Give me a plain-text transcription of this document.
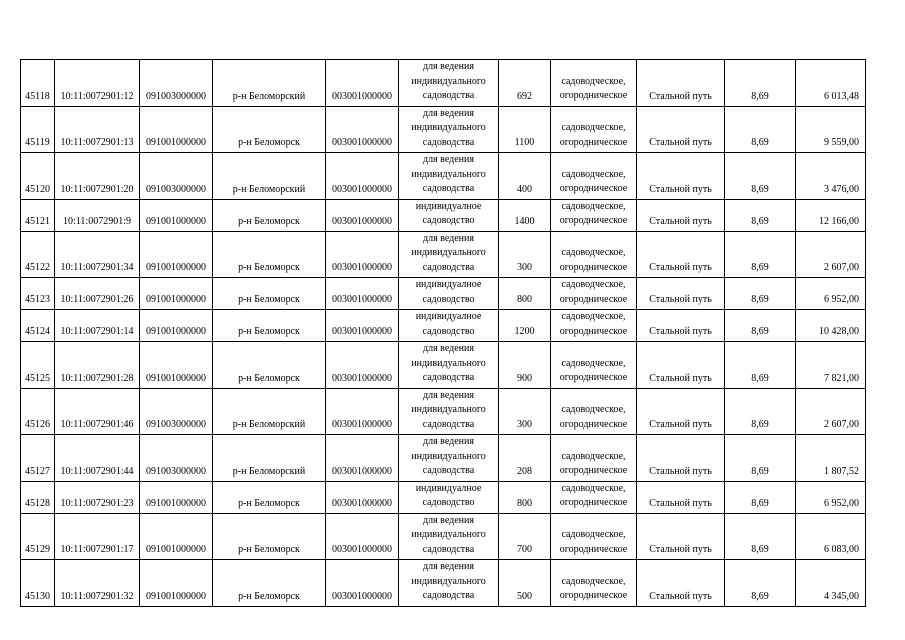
45118	10:11:0072901:12	091003000000	р-н Беломорский	003001000000	для ведения
индивидуального
садоводства	692	садоводческое,
огородническое	Стальной путь	8,69	6 013,48
45119	10:11:0072901:13	091001000000	р-н Беломорск	003001000000	для ведения
индивидуального
садоводства	1100	садоводческое,
огородническое	Стальной путь	8,69	9 559,00
45120	10:11:0072901:20	091003000000	р-н Беломорский	003001000000	для ведения
индивидуального
садоводства	400	садоводческое,
огородническое	Стальной путь	8,69	3 476,00
45121	10:11:0072901:9	091001000000	р-н Беломорск	003001000000	индивидуалное
садоводство	1400	садоводческое,
огородническое	Стальной путь	8,69	12 166,00
45122	10:11:0072901:34	091001000000	р-н Беломорск	003001000000	для ведения
индивидуального
садоводства	300	садоводческое,
огородническое	Стальной путь	8,69	2 607,00
45123	10:11:0072901:26	091001000000	р-н Беломорск	003001000000	индивидуалное
садоводство	800	садоводческое,
огородническое	Стальной путь	8,69	6 952,00
45124	10:11:0072901:14	091001000000	р-н Беломорск	003001000000	индивидуалное
садоводство	1200	садоводческое,
огородническое	Стальной путь	8,69	10 428,00
45125	10:11:0072901:28	091001000000	р-н Беломорск	003001000000	для ведения
индивидуального
садоводства	900	садоводческое,
огородническое	Стальной путь	8,69	7 821,00
45126	10:11:0072901:46	091003000000	р-н Беломорский	003001000000	для ведения
индивидуального
садоводства	300	садоводческое,
огородническое	Стальной путь	8,69	2 607,00
45127	10:11:0072901:44	091003000000	р-н Беломорский	003001000000	для ведения
индивидуального
садоводства	208	садоводческое,
огородническое	Стальной путь	8,69	1 807,52
45128	10:11:0072901:23	091001000000	р-н Беломорск	003001000000	индивидуалное
садоводство	800	садоводческое,
огородническое	Стальной путь	8,69	6 952,00
45129	10:11:0072901:17	091001000000	р-н Беломорск	003001000000	для ведения
индивидуального
садоводства	700	садоводческое,
огородническое	Стальной путь	8,69	6 083,00
45130	10:11:0072901:32	091001000000	р-н Беломорск	003001000000	для ведения
индивидуального
садоводства	500	садоводческое,
огородническое	Стальной путь	8,69	4 345,00
